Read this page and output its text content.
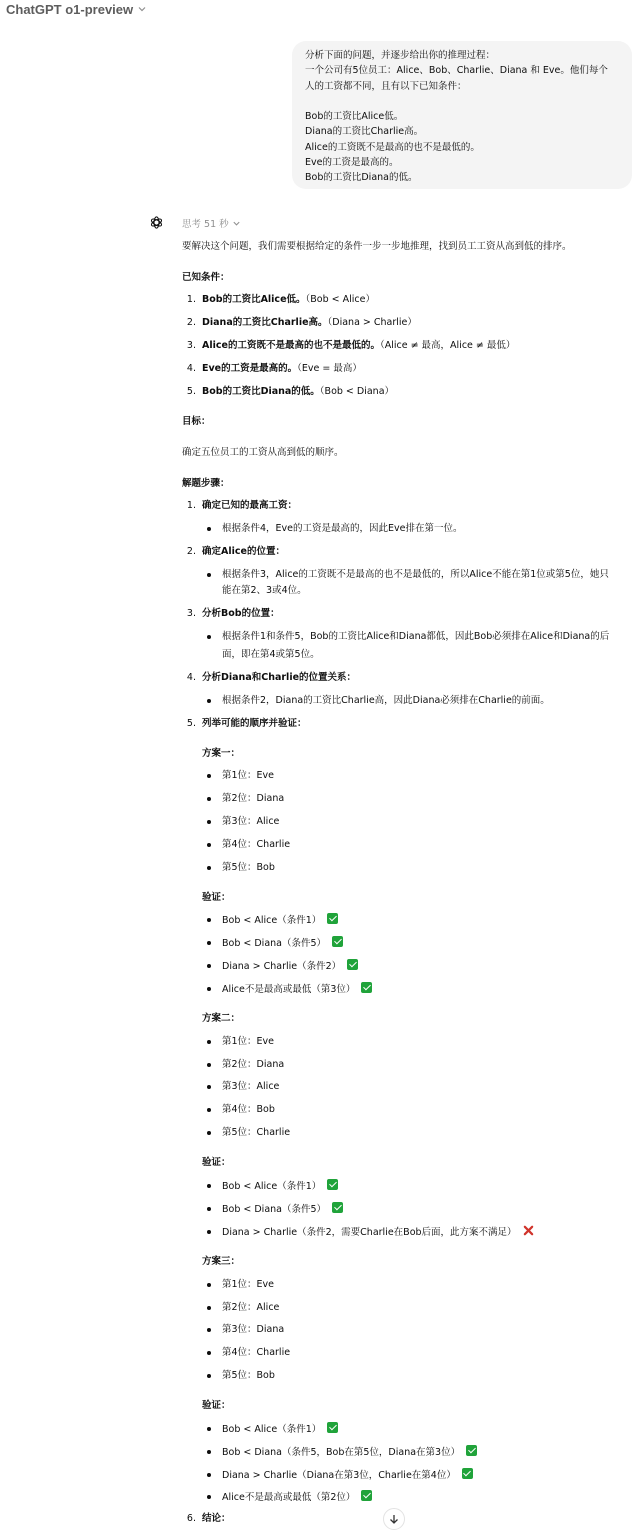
ChatGPT o1-preview
分析下面的问题，并逐步给出你的推理过程：
一个公司有5位员工：Alice、Bob、Charlie、Diana 和 Eve。他们每个
人的工资都不同，且有以下已知条件：

Bob的工资比Alice低。
Diana的工资比Charlie高。
Alice的工资既不是最高的也不是最低的。
Eve的工资是最高的。
Bob的工资比Diana的低。
思考 51 秒
要解决这个问题，我们需要根据给定的条件一步一步地推理，找到员工工资从高到低的排序。
已知条件：
1. Bob的工资比Alice低。（Bob < Alice）
2. Diana的工资比Charlie高。（Diana > Charlie）
3. Alice的工资既不是最高的也不是最低的。（Alice ≠ 最高，Alice ≠ 最低）
4. Eve的工资是最高的。（Eve = 最高）
5. Bob的工资比Diana的低。（Bob < Diana）
目标：
确定五位员工的工资从高到低的顺序。
解题步骤：
1. 确定已知的最高工资：
根据条件4，Eve的工资是最高的，因此Eve排在第一位。
2. 确定Alice的位置：
根据条件3，Alice的工资既不是最高的也不是最低的，所以Alice不能在第1位或第5位，她只
能在第2、3或4位。
3. 分析Bob的位置：
根据条件1和条件5，Bob的工资比Alice和Diana都低，因此Bob必须排在Alice和Diana的后
面，即在第4或第5位。
4. 分析Diana和Charlie的位置关系：
根据条件2，Diana的工资比Charlie高，因此Diana必须排在Charlie的前面。
5. 列举可能的顺序并验证：
方案一：
第1位：Eve
第2位：Diana
第3位：Alice
第4位：Charlie
第5位：Bob
验证：
Bob < Alice（条件1）
Bob < Diana（条件5）
Diana > Charlie（条件2）
Alice不是最高或最低（第3位）
方案二：
第1位：Eve
第2位：Diana
第3位：Alice
第4位：Bob
第5位：Charlie
验证：
Bob < Alice（条件1）
Bob < Diana（条件5）
Diana > Charlie（条件2，需要Charlie在Bob后面，此方案不满足）
方案三：
第1位：Eve
第2位：Alice
第3位：Diana
第4位：Charlie
第5位：Bob
验证：
Bob < Alice（条件1）
Bob < Diana（条件5，Bob在第5位，Diana在第3位）
Diana > Charlie（Diana在第3位，Charlie在第4位）
Alice不是最高或最低（第2位）
6. 结论：
